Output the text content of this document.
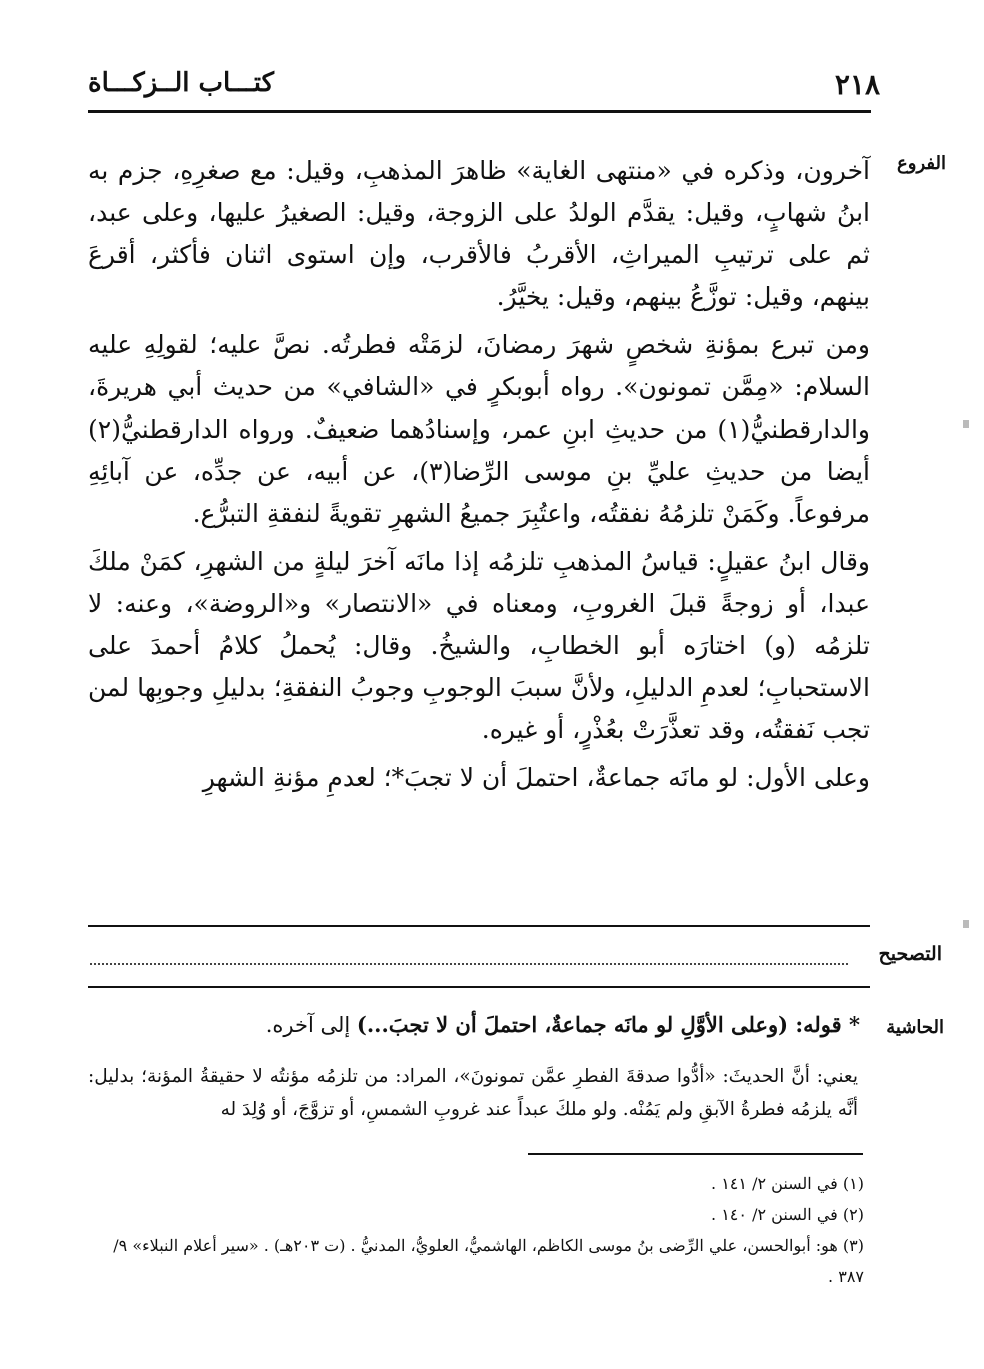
٢١٨
كتـــاب الــزكـــاة
الفروع

آخرون، وذكره في «منتهى الغاية» ظاهرَ المذهبِ، وقيل: مع صغرِهِ، جزم به ابنُ شهابٍ، وقيل: يقدَّم الولدُ على الزوجة، وقيل: الصغيرُ عليها، وعلى عبد، ثم على ترتيبِ الميراثِ، الأقربُ فالأقرب، وإن استوى اثنان فأكثر، أقرعَ بينهم، وقيل: توزَّعُ بينهم، وقيل: يخيَّرُ.

ومن تبرع بمؤنةِ شخصٍ شهرَ رمضانَ، لزمَتْه فطرتُه. نصَّ عليه؛ لقولِهِ عليه السلام: «مِمَّن تمونون». رواه أبوبكرٍ في «الشافي» من حديث أبي هريرةَ، والدارقطنيُّ(١) من حديثِ ابنِ عمر، وإسنادُهما ضعيفٌ. ورواه الدارقطنيُّ(٢) أيضا من حديثِ عليِّ بنِ موسى الرِّضا(٣)، عن أبيه، عن جدِّه، عن آبائِهِ مرفوعاً. وكَمَنْ تلزمُهُ نفقتُه، واعتُبِرَ جميعُ الشهرِ تقويةً لنفقةِ التبرُّع.

وقال ابنُ عقيلٍ: قياسُ المذهبِ تلزمُه إذا مانَه آخرَ ليلةٍ من الشهرِ، كمَنْ ملكَ عبدا، أو زوجةً قبلَ الغروبِ، ومعناه في «الانتصار» و«الروضة»، وعنه: لا تلزمُه (و) اختارَه أبو الخطابِ، والشيخُ. وقال: يُحملُ كلامُ أحمدَ على الاستحبابِ؛ لعدمِ الدليلِ، ولأنَّ سببَ الوجوبِ وجوبُ النفقةِ؛ بدليلِ وجوبِها لمن تجب نَفقتُه، وقد تعذَّرَتْ بعُذْرٍ، أو غيره.

وعلى الأول: لو مانَه جماعةٌ، احتملَ أن لا تجبَ*؛ لعدمِ مؤنةِ الشهرِ

التصحيح
الحاشية
* قوله: (وعلى الأوَّلِ لو مانَه جماعةٌ، احتملَ أن لا تجبَ...) إلى آخره.
يعني: أنَّ الحديثَ: «أدُّوا صدقةَ الفطرِ عمَّن تمونونَ»، المراد: من تلزمُه مؤنتُه لا حقيقةُ المؤنة؛ بدليل: أنَّه يلزمُه فطرةُ الآبقِ ولم يَمُنْه. ولو ملكَ عبداً عند غروبِ الشمسِ، أو تزوَّجَ، أو وُلِدَ له
(١) في السنن ٢/ ١٤١ .
(٢) في السنن ٢/ ١٤٠ .
(٣) هو: أبوالحسن، علي الرِّضى بنُ موسى الكاظم، الهاشميُّ، العلويُّ، المدنيُّ . (ت ٢٠٣هـ) . «سير أعلام النبلاء» ٩/ ٣٨٧ .
